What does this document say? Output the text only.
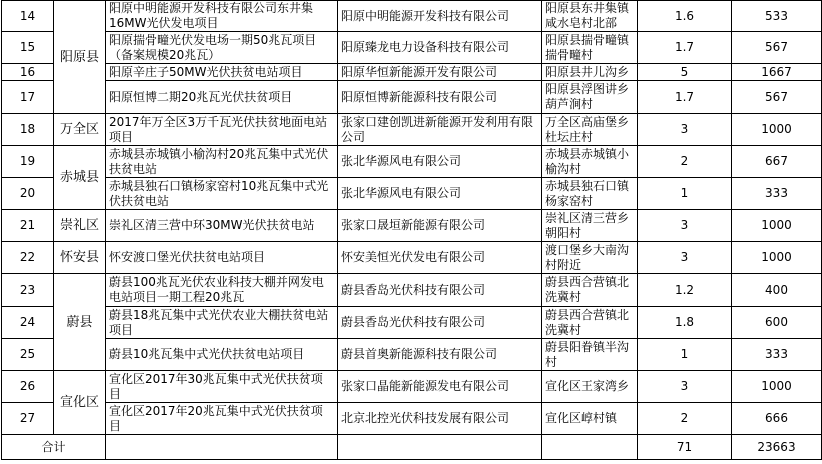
14	阳原县	阳原中明能源开发科技有限公司东井集16MW光伏发电项目	阳原中明能源开发科技有限公司	阳原县东井集镇咸水皂村北部	1.6	533
15		阳原揣骨疃光伏发电场一期50兆瓦项目（备案规模20兆瓦）	阳原臻龙电力设备科技有限公司	阳原县揣骨疃镇揣骨疃村	1.7	567
16		阳原辛庄子50MW光伏扶贫电站项目	阳原华恒新能源开发有限公司	阳原县井儿沟乡	5	1667
17		阳原恒博二期20兆瓦光伏扶贫项目	阳原恒博新能源科技有限公司	阳原县浮图讲乡葫芦涧村	1.7	567
18	万全区	2017年万全区3万千瓦光伏扶贫地面电站项目	张家口建创凯进新能源开发利用有限公司	万全区高庙堡乡杜坛庄村	3	1000
19	赤城县	赤城县赤城镇小榆沟村20兆瓦集中式光伏扶贫电站	张北华源风电有限公司	赤城县赤城镇小榆沟村	2	667
20		赤城县独石口镇杨家窑村10兆瓦集中式光伏扶贫电站	张北华源风电有限公司	赤城县独石口镇杨家窑村	1	333
21	崇礼区	崇礼区清三营中环30MW光伏扶贫电站	张家口晟垣新能源有限公司	崇礼区清三营乡朝阳村	3	1000
22	怀安县	怀安渡口堡光伏扶贫电站项目	怀安美恒光伏发电有限公司	渡口堡乡大南沟村附近	3	1000
23	蔚县	蔚县100兆瓦光伏农业科技大棚并网发电电站项目一期工程20兆瓦	蔚县香岛光伏科技有限公司	蔚县西合营镇北洗冀村	1.2	400
24		蔚县18兆瓦集中式光伏农业大棚扶贫电站项目	蔚县香岛光伏科技有限公司	蔚县西合营镇北洗冀村	1.8	600
25		蔚县10兆瓦集中式光伏扶贫电站项目	蔚县首奥新能源科技有限公司	蔚县阳眷镇半沟村	1	333
26	宣化区	宣化区2017年30兆瓦集中式光伏扶贫项目	张家口晶能新能源发电有限公司	宣化区王家湾乡	3	1000
27		宣化区2017年20兆瓦集中式光伏扶贫项目	北京北控光伏科技发展有限公司	宣化区崞村镇	2	666
合计					71	23663
